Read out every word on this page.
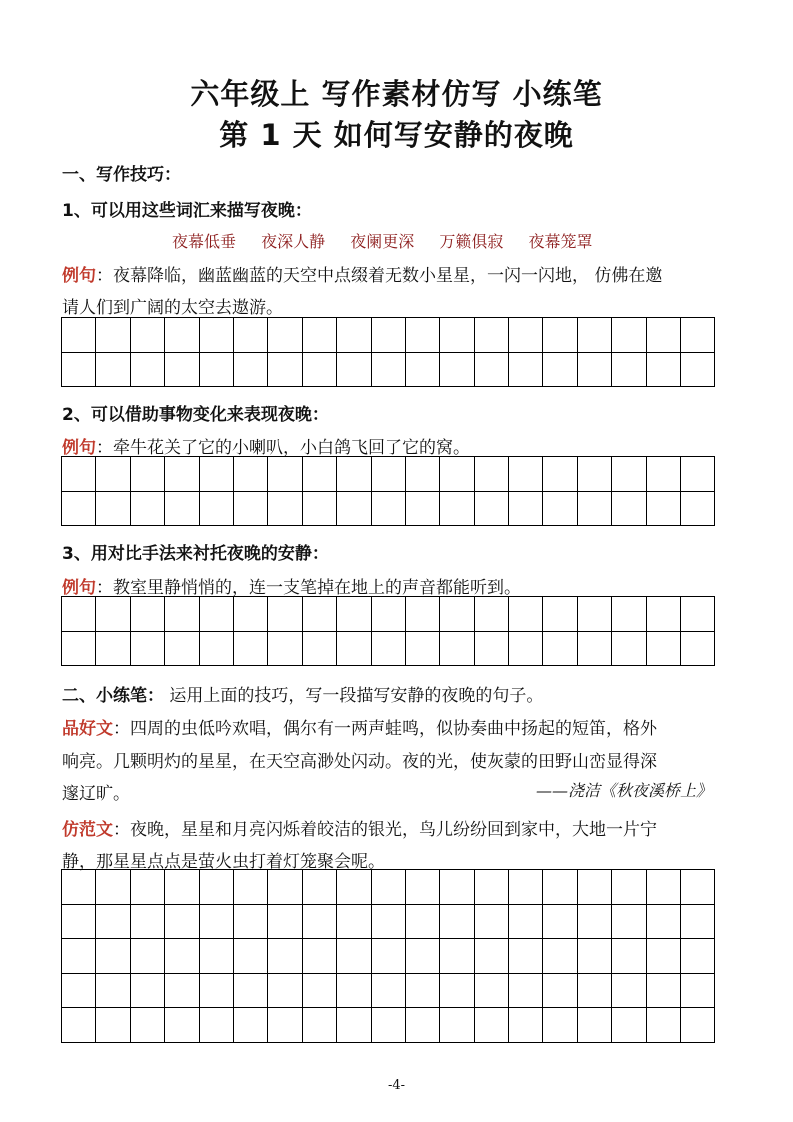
六年级上 写作素材仿写 小练笔
第 1 天 如何写安静的夜晚
一、写作技巧：
1、可以用这些词汇来描写夜晚：
夜幕低垂 夜深人静 夜阑更深 万籁俱寂 夜幕笼罩
例句：夜幕降临，幽蓝幽蓝的天空中点缀着无数小星星，一闪一闪地， 仿佛在邀
请人们到广阔的太空去遨游。

2、可以借助事物变化来表现夜晚：
例句：牵牛花关了它的小喇叭，小白鸽飞回了它的窝。

3、用对比手法来衬托夜晚的安静：
例句：教室里静悄悄的，连一支笔掉在地上的声音都能听到。

二、小练笔： 运用上面的技巧，写一段描写安静的夜晚的句子。
品好文：四周的虫低吟欢唱，偶尔有一两声蛙鸣，似协奏曲中扬起的短笛，格外
响亮。几颗明灼的星星，在天空高渺处闪动。夜的光，使灰蒙的田野山峦显得深
邃辽旷。	——浇洁《秋夜溪桥上》
仿范文：夜晚，星星和月亮闪烁着皎洁的银光，鸟儿纷纷回到家中，大地一片宁
静，那星星点点是萤火虫打着灯笼聚会呢。

-4-
